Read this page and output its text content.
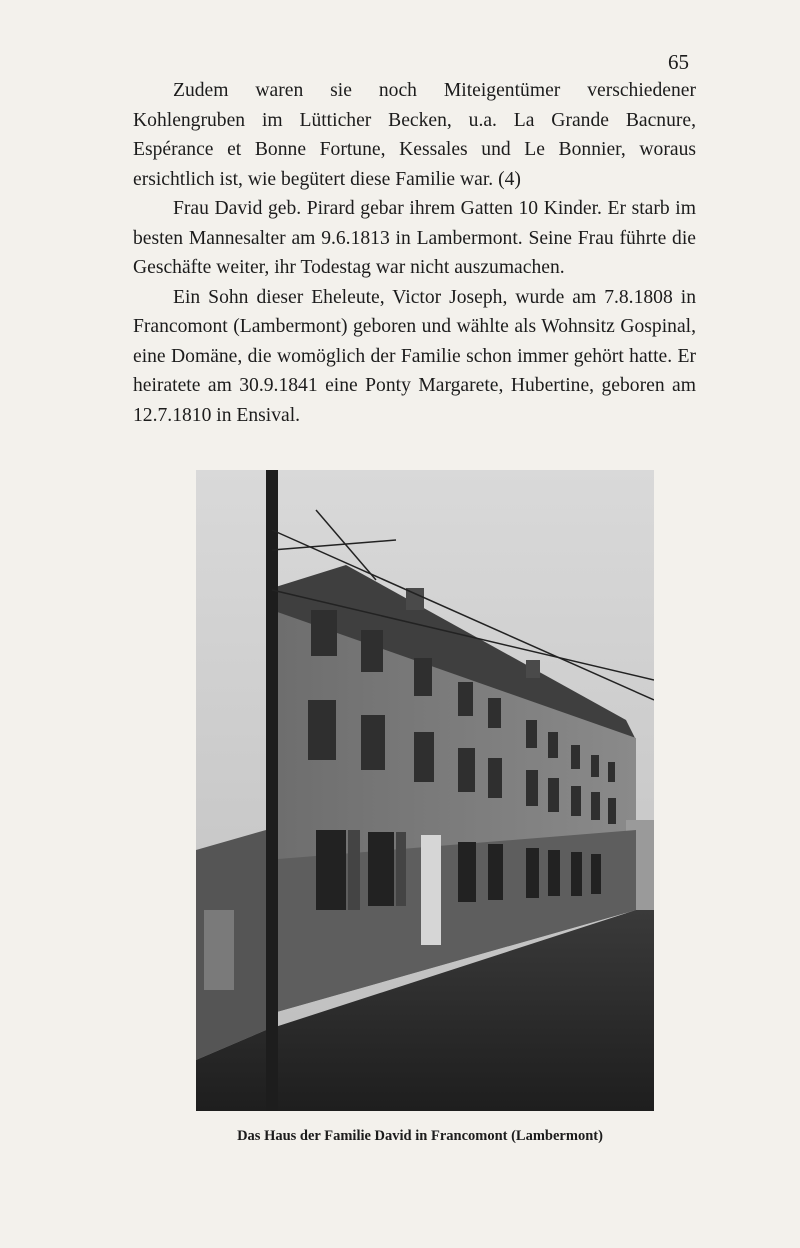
65

Zudem waren sie noch Miteigentümer verschiedener Kohlengruben im Lütticher Becken, u.a. La Grande Bacnure, Espérance et Bonne Fortune, Kessales und Le Bonnier, woraus ersichtlich ist, wie begütert diese Familie war. (4)

Frau David geb. Pirard gebar ihrem Gatten 10 Kinder. Er starb im besten Mannesalter am 9.6.1813 in Lambermont. Seine Frau führte die Geschäfte weiter, ihr Todestag war nicht auszumachen.

Ein Sohn dieser Eheleute, Victor Joseph, wurde am 7.8.1808 in Francomont (Lambermont) geboren und wählte als Wohnsitz Gospinal, eine Domäne, die womöglich der Familie schon immer gehört hatte. Er heiratete am 30.9.1841 eine Ponty Margarete, Hubertine, geboren am 12.7.1810 in Ensival.

Das Haus der Familie David in Francomont (Lambermont)
